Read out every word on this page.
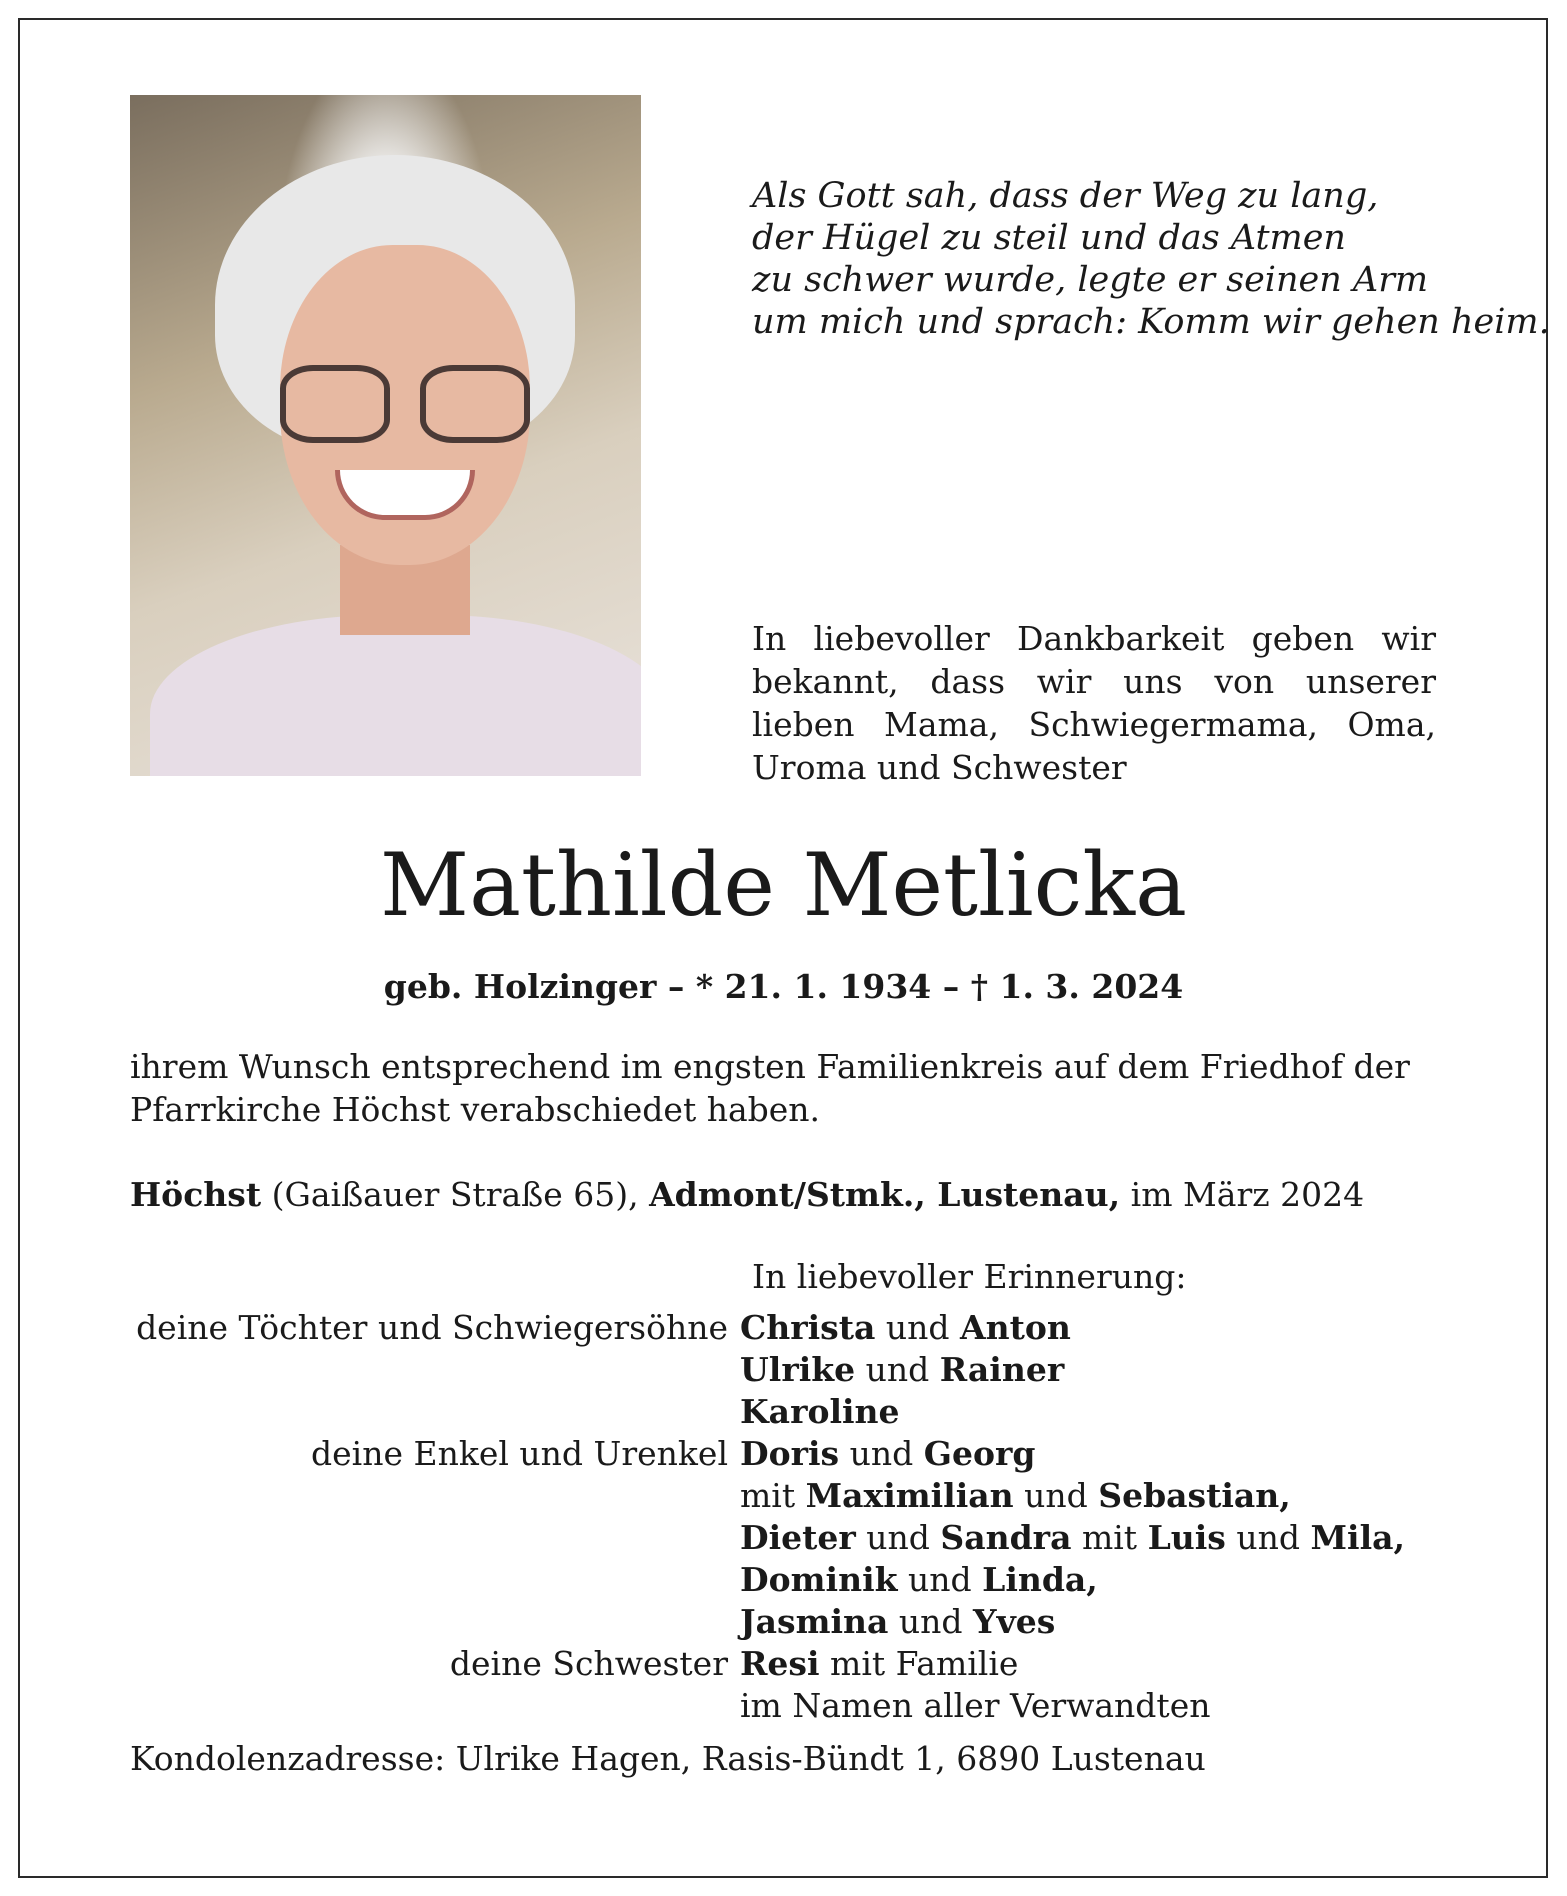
Als Gott sah, dass der Weg zu lang,
der Hügel zu steil und das Atmen
zu schwer wurde, legte er seinen Arm
um mich und sprach: Komm wir gehen heim.
In liebevoller Dankbarkeit geben wir
bekannt, dass wir uns von unserer
lieben Mama, Schwiegermama, Oma,
Uroma und Schwester
Mathilde Metlicka
geb. Holzinger – * 21. 1. 1934 – † 1. 3. 2024
ihrem Wunsch entsprechend im engsten Familienkreis auf dem Friedhof der
Pfarrkirche Höchst verabschiedet haben.
Höchst (Gaißauer Straße 65), Admont/Stmk., Lustenau, im März 2024
In liebevoller Erinnerung:
deine Töchter und Schwiegersöhne Christa und Anton
Ulrike und Rainer
Karoline
deine Enkel und Urenkel Doris und Georg
mit Maximilian und Sebastian,
Dieter und Sandra mit Luis und Mila,
Dominik und Linda,
Jasmina und Yves
deine Schwester Resi mit Familie
im Namen aller Verwandten
Kondolenzadresse: Ulrike Hagen, Rasis-Bündt 1, 6890 Lustenau
